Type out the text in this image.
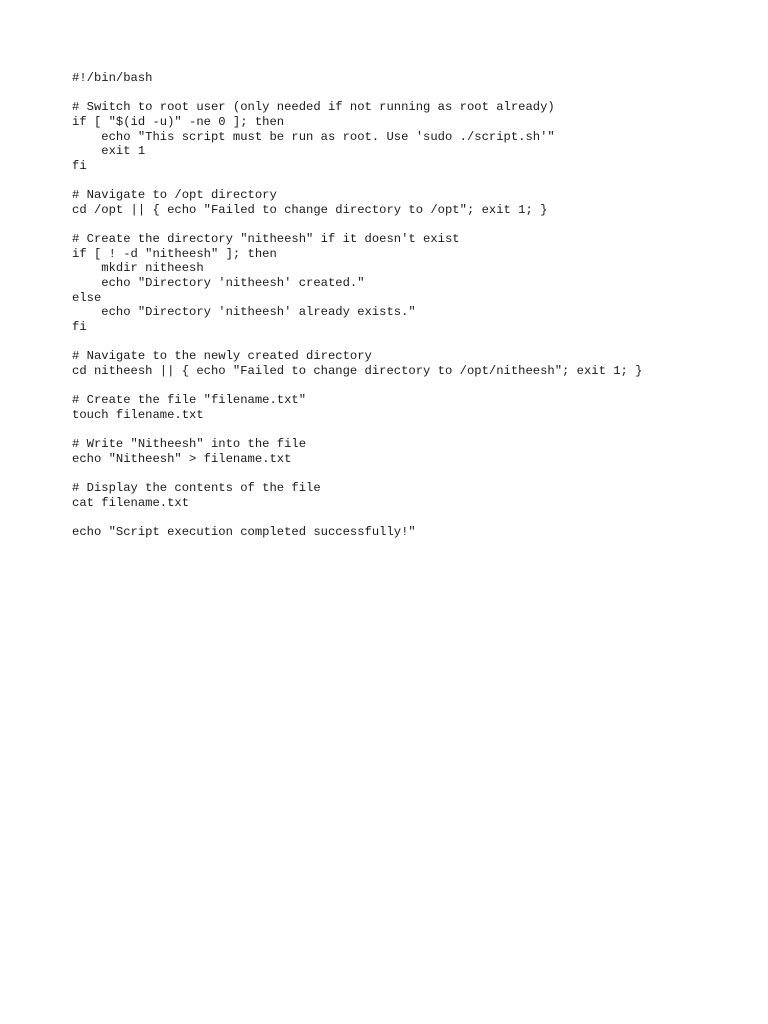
#!/bin/bash
# Switch to root user (only needed if not running as root already)
if [ "$(id -u)" -ne 0 ]; then
echo "This script must be run as root. Use 'sudo ./script.sh'"
exit 1
fi
# Navigate to /opt directory
cd /opt || { echo "Failed to change directory to /opt"; exit 1; }
# Create the directory "nitheesh" if it doesn't exist
if [ ! -d "nitheesh" ]; then
mkdir nitheesh
echo "Directory 'nitheesh' created."
else
echo "Directory 'nitheesh' already exists."
fi
# Navigate to the newly created directory
cd nitheesh || { echo "Failed to change directory to /opt/nitheesh"; exit 1; }
# Create the file "filename.txt"
touch filename.txt
# Write "Nitheesh" into the file
echo "Nitheesh" > filename.txt
# Display the contents of the file
cat filename.txt
echo "Script execution completed successfully!"
